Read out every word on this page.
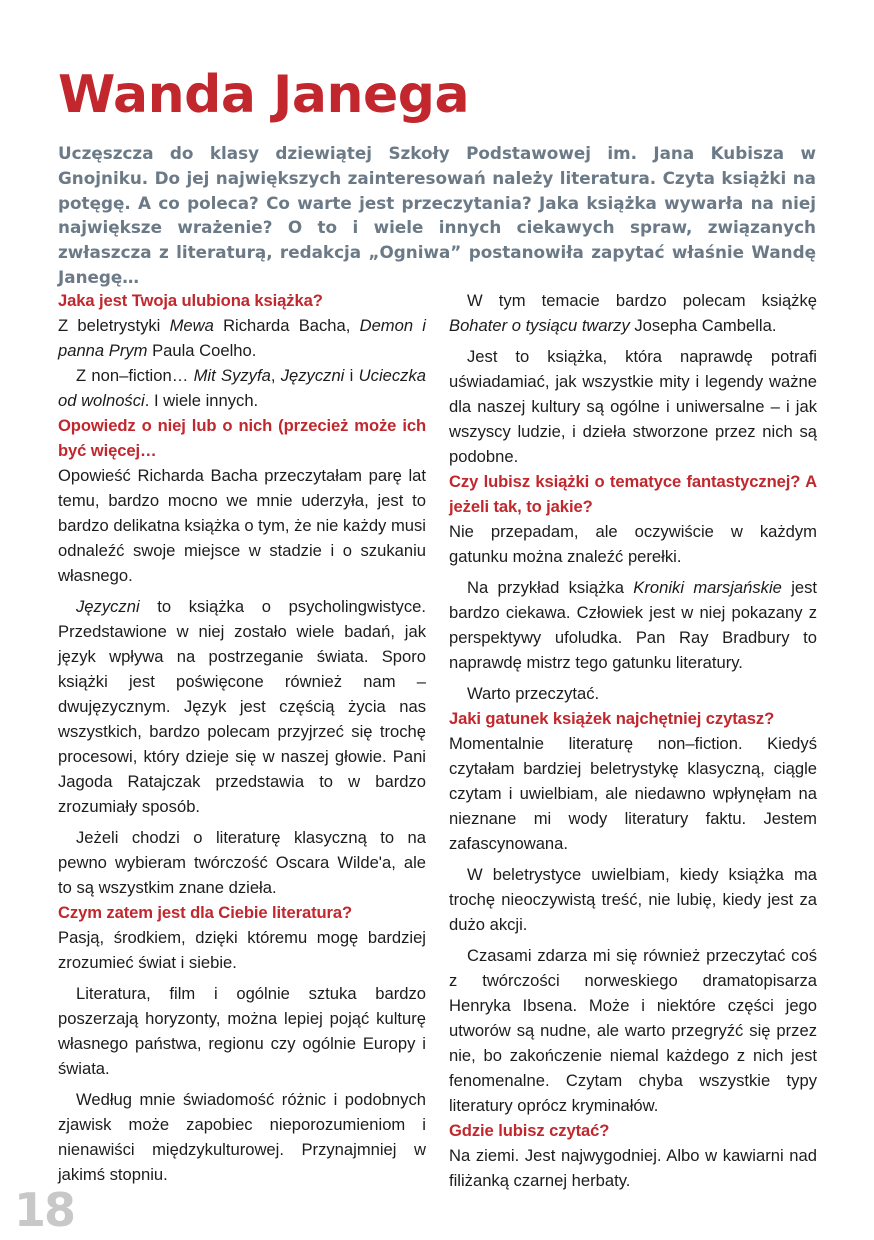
Wanda Janega

Uczęszcza do klasy dziewiątej Szkoły Podstawowej im. Jana Kubisza w Gnojniku. Do jej największych zainteresowań należy literatura. Czyta książki na potęgę. A co poleca? Co warte jest przeczytania? Jaka książka wywarła na niej największe wrażenie? O to i wiele innych ciekawych spraw, związanych zwłaszcza z literaturą, redakcja „Ogniwa” postanowiła zapytać właśnie Wandę Janegę…

Jaka jest Twoja ulubiona książka?

Z beletrystyki Mewa Richarda Bacha, Demon i panna Prym Paula Coelho.

Z non–fiction… Mit Syzyfa, Języczni i Ucieczka od wolności. I wiele innych.

Opowiedz o niej lub o nich (przecież może ich być więcej…

Opowieść Richarda Bacha przeczytałam parę lat temu, bardzo mocno we mnie uderzyła, jest to bardzo delikatna książka o tym, że nie każdy musi odnaleźć swoje miejsce w stadzie i o szukaniu własnego.

Języczni to książka o psycholingwistyce. Przedstawione w niej zostało wiele badań, jak język wpływa na postrzeganie świata. Sporo książki jest poświęcone również nam – dwujęzycznym. Język jest częścią życia nas wszystkich, bardzo polecam przyjrzeć się trochę procesowi, który dzieje się w naszej głowie. Pani Jagoda Ratajczak przedstawia to w bardzo zrozumiały sposób.

Jeżeli chodzi o literaturę klasyczną to na pewno wybieram twórczość Oscara Wilde'a, ale to są wszystkim znane dzieła.

Czym zatem jest dla Ciebie literatura?

Pasją, środkiem, dzięki któremu mogę bardziej zrozumieć świat i siebie.

Literatura, film i ogólnie sztuka bardzo poszerzają horyzonty, można lepiej pojąć kulturę własnego państwa, regionu czy ogólnie Europy i świata.

Według mnie świadomość różnic i podobnych zjawisk może zapobiec nieporozumieniom i nienawiści międzykulturowej. Przynajmniej w jakimś stopniu.

W tym temacie bardzo polecam książkę Bohater o tysiącu twarzy Josepha Cambella.

Jest to książka, która naprawdę potrafi uświadamiać, jak wszystkie mity i legendy ważne dla naszej kultury są ogólne i uniwersalne – i jak wszyscy ludzie, i dzieła stworzone przez nich są podobne.

Czy lubisz książki o tematyce fantastycznej? A jeżeli tak, to jakie?

Nie przepadam, ale oczywiście w każdym gatunku można znaleźć perełki.

Na przykład książka Kroniki marsjańskie jest bardzo ciekawa. Człowiek jest w niej pokazany z perspektywy ufoludka. Pan Ray Bradbury to naprawdę mistrz tego gatunku literatury.

Warto przeczytać.

Jaki gatunek książek najchętniej czytasz?

Momentalnie literaturę non–fiction. Kiedyś czytałam bardziej beletrystykę klasyczną, ciągle czytam i uwielbiam, ale niedawno wpłynęłam na nieznane mi wody literatury faktu. Jestem zafascynowana.

W beletrystyce uwielbiam, kiedy książka ma trochę nieoczywistą treść, nie lubię, kiedy jest za dużo akcji.

Czasami zdarza mi się również przeczytać coś z twórczości norweskiego dramatopisarza Henryka Ibsena. Może i niektóre części jego utworów są nudne, ale warto przegryźć się przez nie, bo zakończenie niemal każdego z nich jest fenomenalne. Czytam chyba wszystkie typy literatury oprócz kryminałów.

Gdzie lubisz czytać?

Na ziemi. Jest najwygodniej. Albo w kawiarni nad filiżanką czarnej herbaty.

18
